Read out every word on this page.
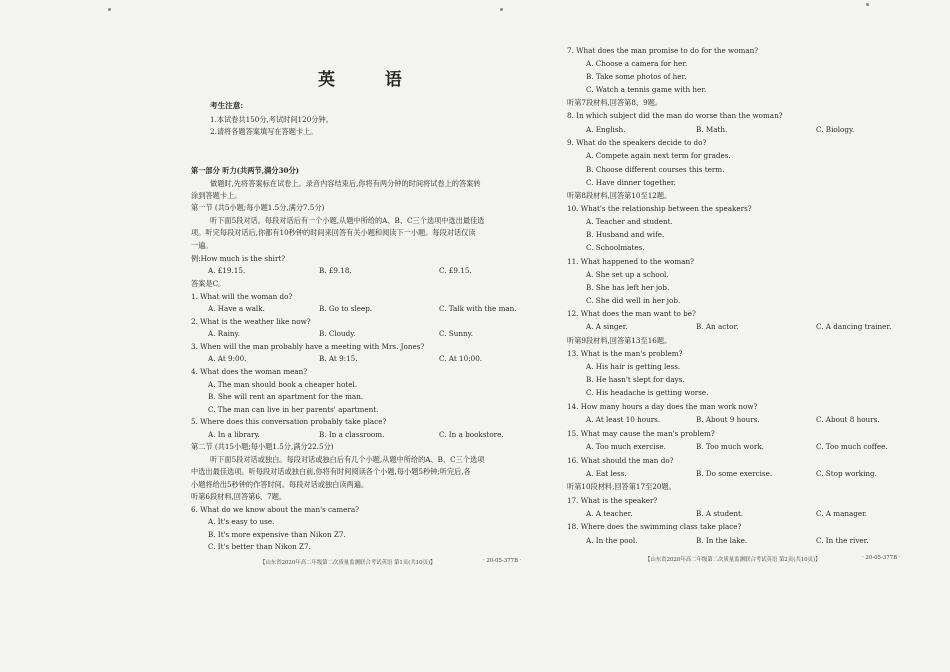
英 语
考生注意:
1.本试卷共150分,考试时间120分钟。
2.请将各题答案填写在答题卡上。
第一部分 听力(共两节,满分30分)
做题时,先将答案标在试卷上。录音内容结束后,你将有两分钟的时间将试卷上的答案转
涂到答题卡上。
第一节 (共5小题;每小题1.5分,满分7.5分)
听下面5段对话。每段对话后有一个小题,从题中所给的A、B、C三个选项中选出最佳选
项。听完每段对话后,你都有10秒钟的时间来回答有关小题和阅读下一小题。每段对话仅读
一遍。
例:How much is the shirt?
A. £19.15.	B. £9.18.	C. £9.15.
答案是C。
1. What will the woman do?
A. Have a walk.	B. Go to sleep.	C. Talk with the man.
2. What is the weather like now?
A. Rainy.	B. Cloudy.	C. Sunny.
3. When will the man probably have a meeting with Mrs. Jones?
A. At 9:00.	B. At 9:15.	C. At 10:00.
4. What does the woman mean?
A. The man should book a cheaper hotel.
B. She will rent an apartment for the man.
C. The man can live in her parents' apartment.
5. Where does this conversation probably take place?
A. In a library.	B. In a classroom.	C. In a bookstore.
第二节 (共15小题;每小题1.5分,满分22.5分)
听下面5段对话或独白。每段对话或独白后有几个小题,从题中所给的A、B、C三个选项
中选出最佳选项。听每段对话或独白前,你将有时间阅读各个小题,每小题5秒钟;听完后,各
小题将给出5秒钟的作答时间。每段对话或独白读两遍。
听第6段材料,回答第6、7题。
6. What do we know about the man's camera?
A. It's easy to use.
B. It's more expensive than Nikon Z7.
C. It's better than Nikon Z7.
【山东省2020年高二年级第二次质量监测联合考试英语 第1页(共10页)】	· 20-05-377B ·
7. What does the man promise to do for the woman?
A. Choose a camera for her.
B. Take some photos of her.
C. Watch a tennis game with her.
听第7段材料,回答第8、9题。
8. In which subject did the man do worse than the woman?
A. English.	B. Math.	C. Biology.
9. What do the speakers decide to do?
A. Compete again next term for grades.
B. Choose different courses this term.
C. Have dinner together.
听第8段材料,回答第10至12题。
10. What's the relationship between the speakers?
A. Teacher and student.
B. Husband and wife.
C. Schoolmates.
11. What happened to the woman?
A. She set up a school.
B. She has left her job.
C. She did well in her job.
12. What does the man want to be?
A. A singer.	B. An actor.	C. A dancing trainer.
听第9段材料,回答第13至16题。
13. What is the man's problem?
A. His hair is getting less.
B. He hasn't slept for days.
C. His headache is getting worse.
14. How many hours a day does the man work now?
A. At least 10 hours.	B. About 9 hours.	C. About 8 hours.
15. What may cause the man's problem?
A. Too much exercise.	B. Too much work.	C. Too much coffee.
16. What should the man do?
A. Eat less.	B. Do some exercise.	C. Stop working.
听第10段材料,回答第17至20题。
17. What is the speaker?
A. A teacher.	B. A student.	C. A manager.
18. Where does the swimming class take place?
A. In the pool.	B. In the lake.	C. In the river.
【山东省2020年高二年级第二次质量监测联合考试英语 第2页(共10页)】	· 20-05-377B ·
